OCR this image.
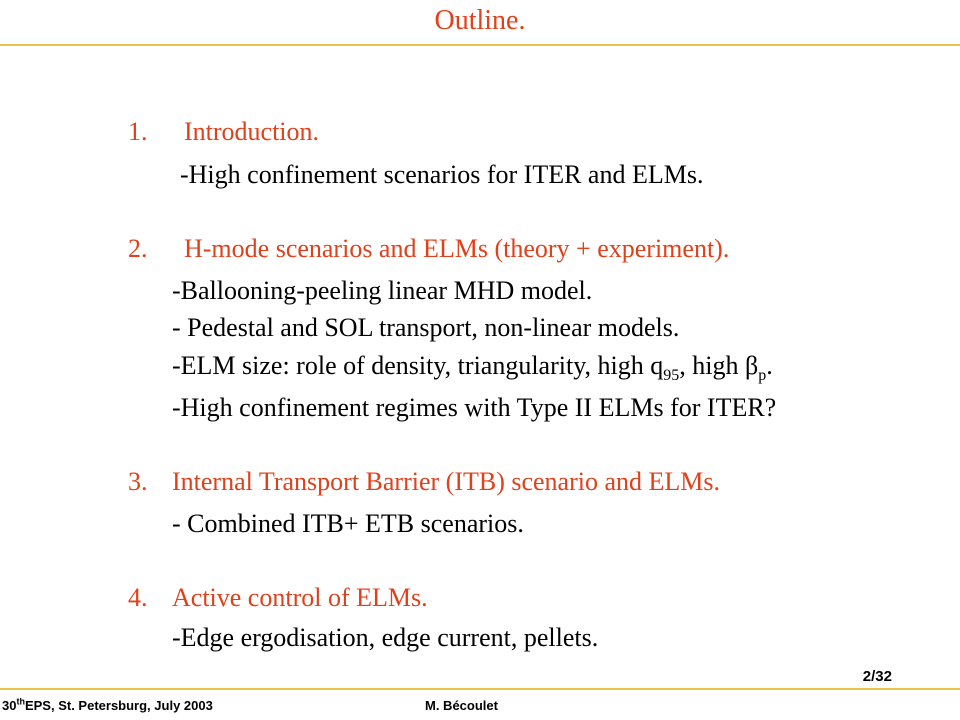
Outline.
1. Introduction.
-High confinement scenarios for ITER and ELMs.
2. H-mode scenarios and ELMs (theory + experiment).
-Ballooning-peeling linear MHD model.
- Pedestal and SOL transport, non-linear models.
-ELM size: role of density, triangularity, high $q_{95}$, high $\beta_p$.
-High confinement regimes with Type II ELMs for ITER?
3. Internal Transport Barrier (ITB) scenario and ELMs.
- Combined ITB+ ETB scenarios.
4. Active control of ELMs.
-Edge ergodisation, edge current, pellets.
2/32
30thEPS, St. Petersburg, July 2003	M. Bécoulet
